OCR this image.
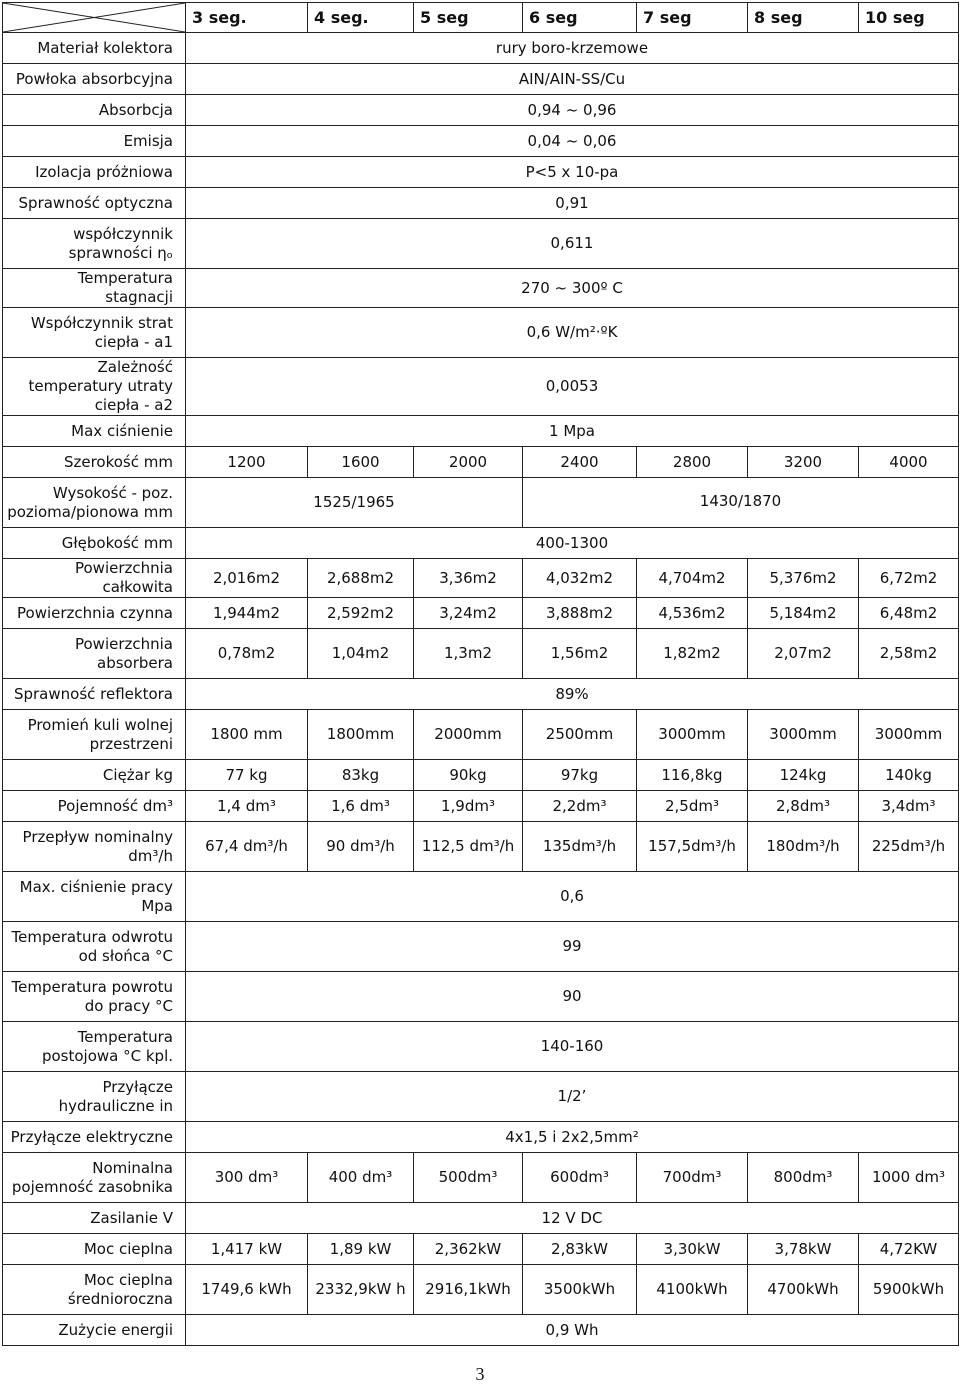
	3 seg.	4 seg.	5 seg	6 seg	7 seg	8 seg	10 seg
Materiał kolektora	rury boro-krzemowe						
Powłoka absorbcyjna	AIN/AIN-SS/Cu						
Absorbcja	0,94 ~ 0,96						
Emisja	0,04 ~ 0,06						
Izolacja próżniowa	P<5 x 10-pa						
Sprawność optyczna	0,91						
współczynnik sprawności ηₒ	0,611						
Temperatura stagnacji	270 ~ 300º C						
Współczynnik strat ciepła - a1	0,6 W/m²·ºK						
Zależność temperatury utraty ciepła - a2	0,0053						
Max ciśnienie	1 Mpa						
Szerokość mm	1200	1600	2000	2400	2800	3200	4000
Wysokość - poz. pozioma/pionowa mm	1525/1965			1430/1870			
Głębokość mm	400-1300						
Powierzchnia całkowita	2,016m2	2,688m2	3,36m2	4,032m2	4,704m2	5,376m2	6,72m2
Powierzchnia czynna	1,944m2	2,592m2	3,24m2	3,888m2	4,536m2	5,184m2	6,48m2
Powierzchnia absorbera	0,78m2	1,04m2	1,3m2	1,56m2	1,82m2	2,07m2	2,58m2
Sprawność reflektora	89%						
Promień kuli wolnej przestrzeni	1800 mm	1800mm	2000mm	2500mm	3000mm	3000mm	3000mm
Ciężar kg	77 kg	83kg	90kg	97kg	116,8kg	124kg	140kg
Pojemność dm³	1,4 dm³	1,6 dm³	1,9dm³	2,2dm³	2,5dm³	2,8dm³	3,4dm³
Przepływ nominalny dm³/h	67,4 dm³/h	90 dm³/h	112,5 dm³/h	135dm³/h	157,5dm³/h	180dm³/h	225dm³/h
Max. ciśnienie pracy Mpa	0,6						
Temperatura odwrotu od słońca °C	99						
Temperatura powrotu do pracy °C	90						
Temperatura postojowa °C kpl.	140-160						
Przyłącze hydrauliczne in	1/2’						
Przyłącze elektryczne	4x1,5 i 2x2,5mm²						
Nominalna pojemność zasobnika	300 dm³	400 dm³	500dm³	600dm³	700dm³	800dm³	1000 dm³
Zasilanie V	12 V DC						
Moc cieplna	1,417 kW	1,89 kW	2,362kW	2,83kW	3,30kW	3,78kW	4,72KW
Moc cieplna średnioroczna	1749,6 kWh	2332,9kW h	2916,1kWh	3500kWh	4100kWh	4700kWh	5900kWh
Zużycie energii	0,9 Wh						
3
